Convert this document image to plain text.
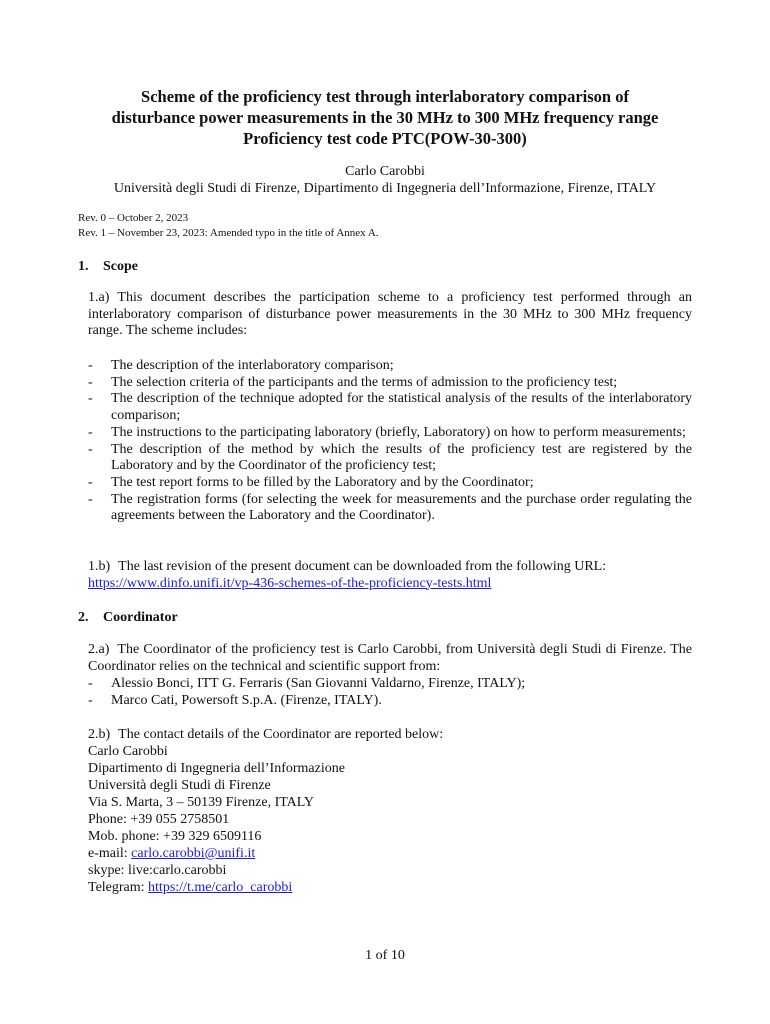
Scheme of the proficiency test through interlaboratory comparison of
disturbance power measurements in the 30 MHz to 300 MHz frequency range
Proficiency test code PTC(POW-30-300)
Carlo Carobbi
Università degli Studi di Firenze, Dipartimento di Ingegneria dell’Informazione, Firenze, ITALY
Rev. 0 – October 2, 2023
Rev. 1 – November 23, 2023: Amended typo in the title of Annex A.
1. Scope
1.a) This document describes the participation scheme to a proficiency test performed through an interlaboratory comparison of disturbance power measurements in the 30 MHz to 300 MHz frequency range. The scheme includes:
- The description of the interlaboratory comparison;
- The selection criteria of the participants and the terms of admission to the proficiency test;
- The description of the technique adopted for the statistical analysis of the results of the interlaboratory comparison;
- The instructions to the participating laboratory (briefly, Laboratory) on how to perform measurements;
- The description of the method by which the results of the proficiency test are registered by the Laboratory and by the Coordinator of the proficiency test;
- The test report forms to be filled by the Laboratory and by the Coordinator;
- The registration forms (for selecting the week for measurements and the purchase order regulating the agreements between the Laboratory and the Coordinator).
1.b) The last revision of the present document can be downloaded from the following URL:
https://www.dinfo.unifi.it/vp-436-schemes-of-the-proficiency-tests.html
2. Coordinator
2.a) The Coordinator of the proficiency test is Carlo Carobbi, from Università degli Studi di Firenze. The Coordinator relies on the technical and scientific support from:
- Alessio Bonci, ITT G. Ferraris (San Giovanni Valdarno, Firenze, ITALY);
- Marco Cati, Powersoft S.p.A. (Firenze, ITALY).
2.b) The contact details of the Coordinator are reported below:
Carlo Carobbi
Dipartimento di Ingegneria dell’Informazione
Università degli Studi di Firenze
Via S. Marta, 3 – 50139 Firenze, ITALY
Phone: +39 055 2758501
Mob. phone: +39 329 6509116
e-mail: carlo.carobbi@unifi.it
skype: live:carlo.carobbi
Telegram: https://t.me/carlo_carobbi
1 of 10
